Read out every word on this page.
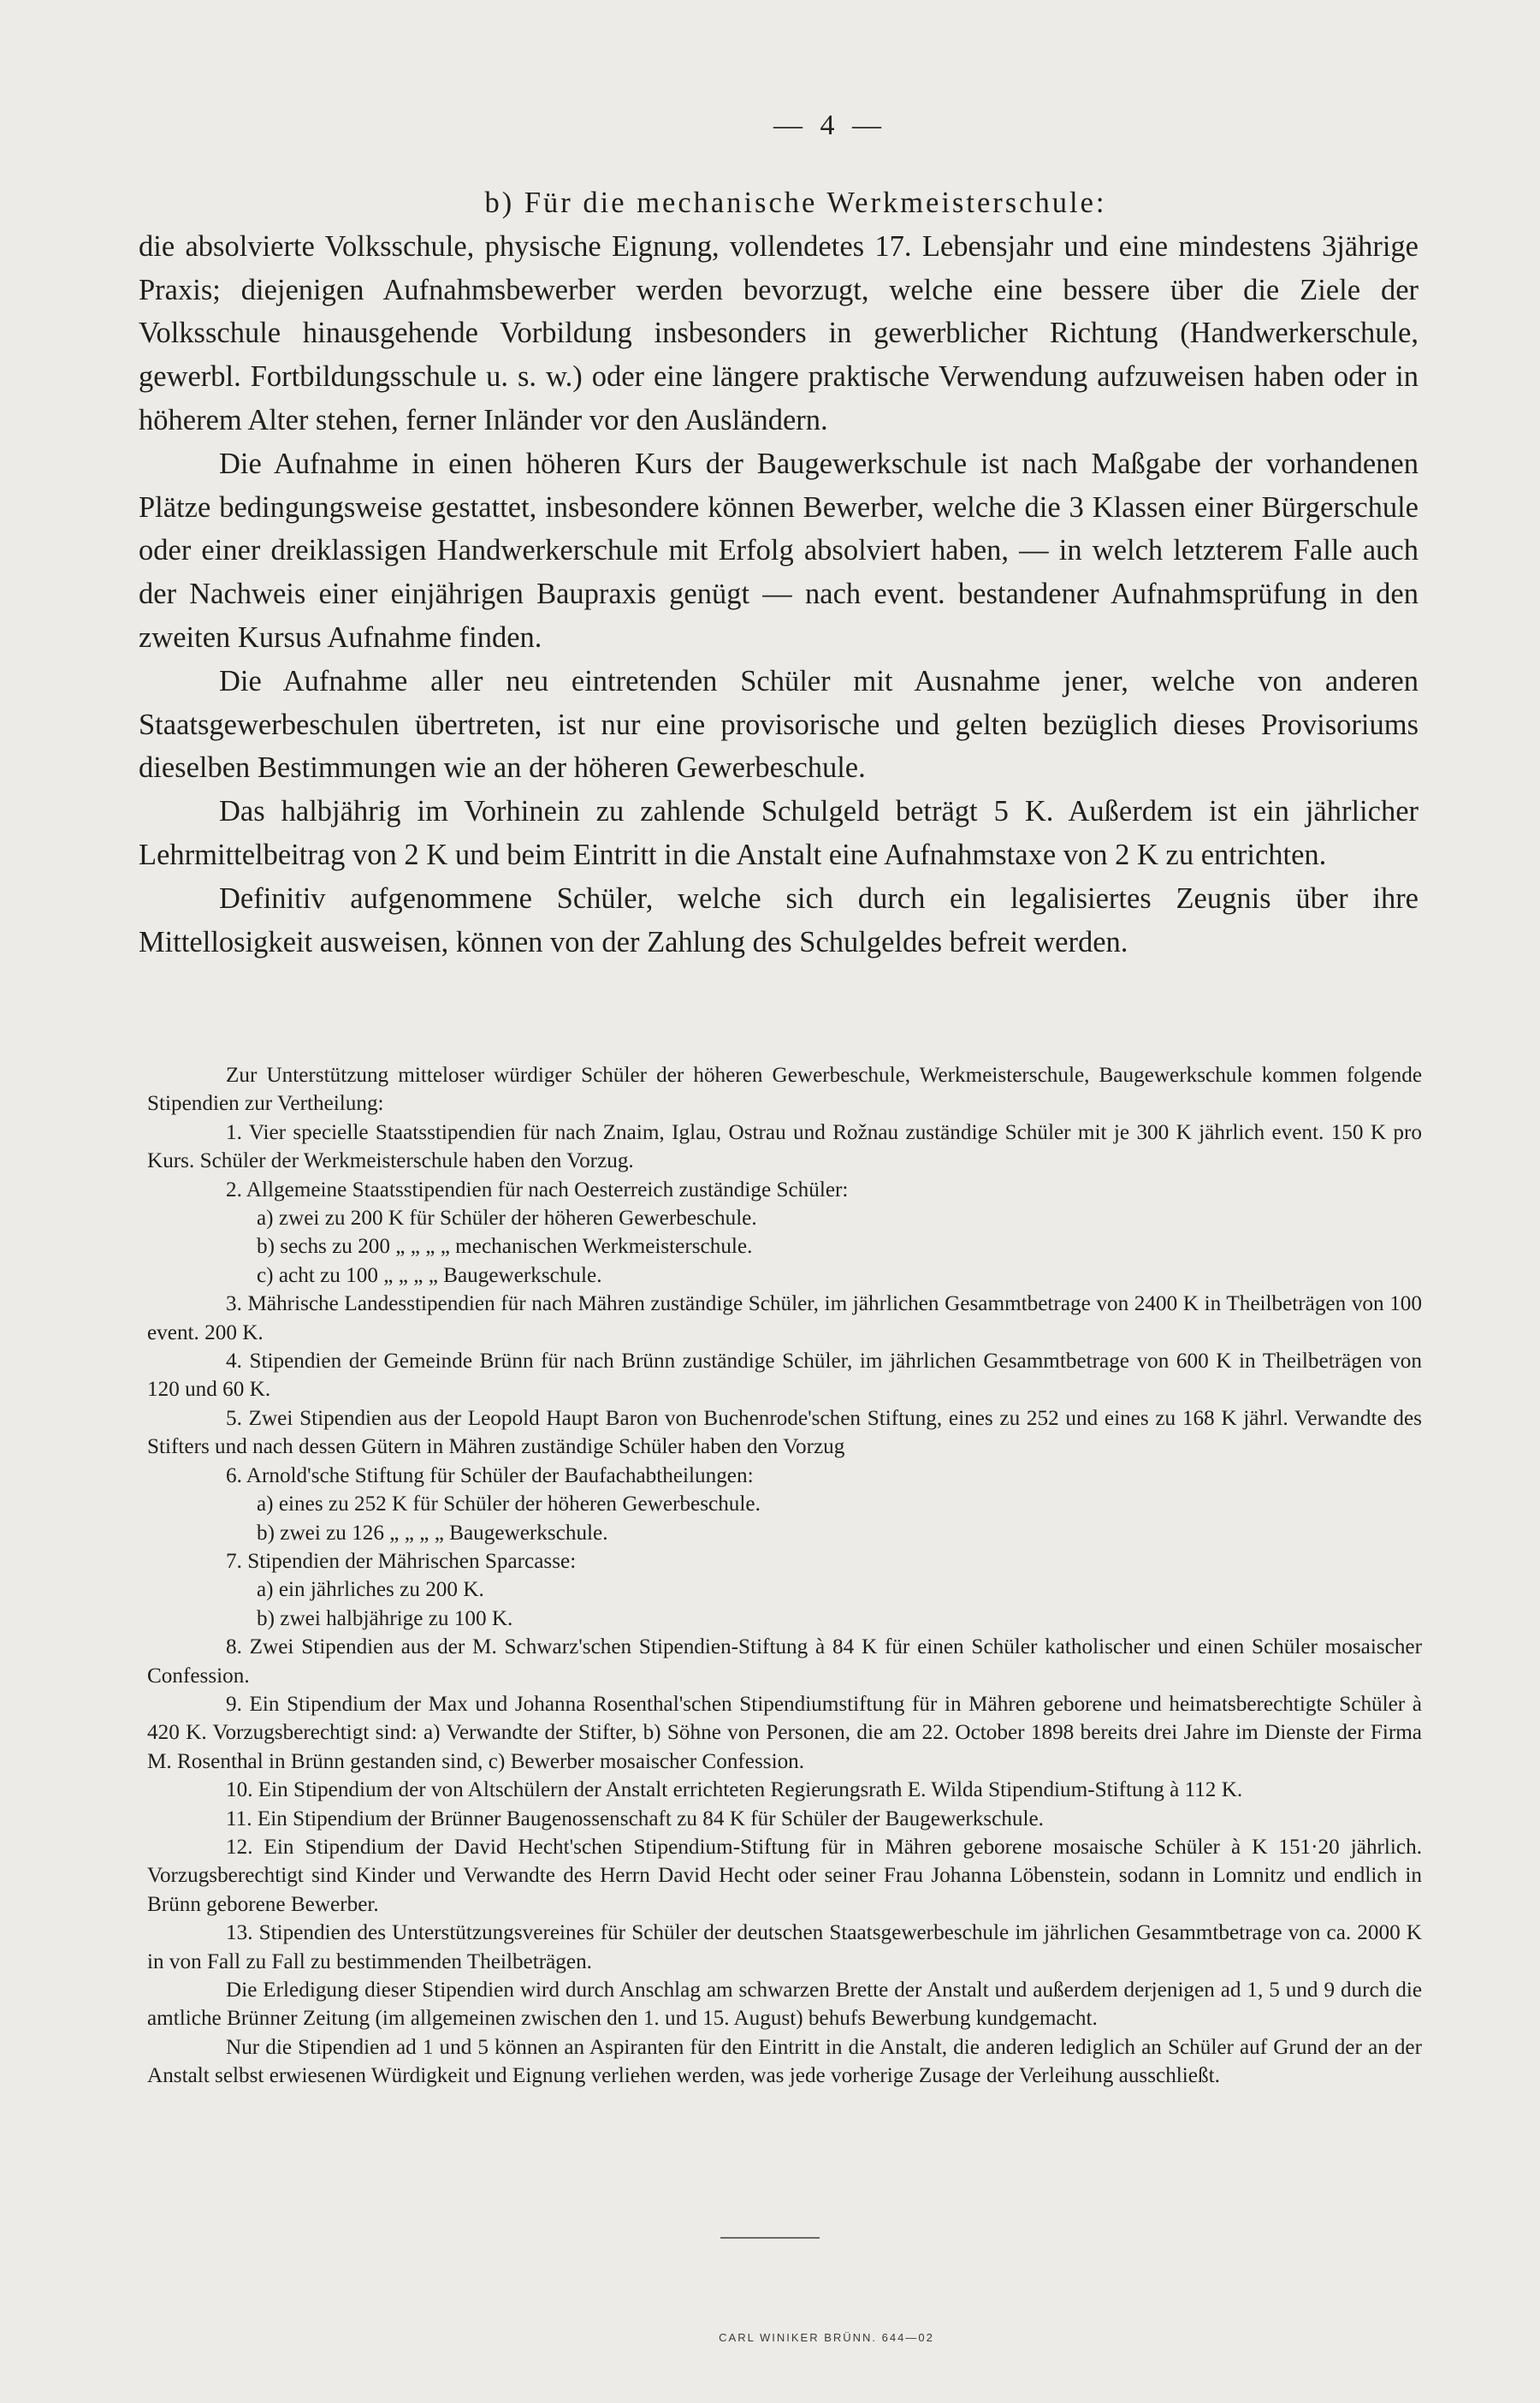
— 4 —

b) Für die mechanische Werkmeisterschule:

die absolvierte Volksschule, physische Eignung, vollendetes 17. Lebensjahr und eine mindestens 3jährige Praxis; diejenigen Aufnahmsbewerber werden bevorzugt, welche eine bessere über die Ziele der Volksschule hinausgehende Vorbildung insbesonders in gewerblicher Richtung (Handwerkerschule, gewerbl. Fortbildungsschule u. s. w.) oder eine längere praktische Verwendung aufzuweisen haben oder in höherem Alter stehen, ferner Inländer vor den Ausländern.

Die Aufnahme in einen höheren Kurs der Baugewerkschule ist nach Maßgabe der vorhandenen Plätze bedingungsweise gestattet, insbesondere können Bewerber, welche die 3 Klassen einer Bürgerschule oder einer dreiklassigen Handwerkerschule mit Erfolg absolviert haben, — in welch letzterem Falle auch der Nachweis einer einjährigen Baupraxis genügt — nach event. bestandener Aufnahmsprüfung in den zweiten Kursus Aufnahme finden.

Die Aufnahme aller neu eintretenden Schüler mit Ausnahme jener, welche von anderen Staatsgewerbeschulen übertreten, ist nur eine provisorische und gelten bezüglich dieses Provisoriums dieselben Bestimmungen wie an der höheren Gewerbeschule.

Das halbjährig im Vorhinein zu zahlende Schulgeld beträgt 5 K. Außerdem ist ein jährlicher Lehrmittelbeitrag von 2 K und beim Eintritt in die Anstalt eine Aufnahmstaxe von 2 K zu entrichten.

Definitiv aufgenommene Schüler, welche sich durch ein legalisiertes Zeugnis über ihre Mittellosigkeit ausweisen, können von der Zahlung des Schulgeldes befreit werden.

Zur Unterstützung mitteloser würdiger Schüler der höheren Gewerbeschule, Werkmeisterschule, Baugewerkschule kommen folgende Stipendien zur Vertheilung:

1. Vier specielle Staatsstipendien für nach Znaim, Iglau, Ostrau und Rožnau zuständige Schüler mit je 300 K jährlich event. 150 K pro Kurs. Schüler der Werkmeisterschule haben den Vorzug.

2. Allgemeine Staatsstipendien für nach Oesterreich zuständige Schüler:

a) zwei zu 200 K für Schüler der höheren Gewerbeschule.

b) sechs zu 200 „ „ „ „ mechanischen Werkmeisterschule.

c) acht zu 100 „ „ „ „ Baugewerkschule.

3. Mährische Landesstipendien für nach Mähren zuständige Schüler, im jährlichen Gesammtbetrage von 2400 K in Theilbeträgen von 100 event. 200 K.

4. Stipendien der Gemeinde Brünn für nach Brünn zuständige Schüler, im jährlichen Gesammtbetrage von 600 K in Theilbeträgen von 120 und 60 K.

5. Zwei Stipendien aus der Leopold Haupt Baron von Buchenrode'schen Stiftung, eines zu 252 und eines zu 168 K jährl. Verwandte des Stifters und nach dessen Gütern in Mähren zuständige Schüler haben den Vorzug

6. Arnold'sche Stiftung für Schüler der Baufachabtheilungen:

a) eines zu 252 K für Schüler der höheren Gewerbeschule.

b) zwei zu 126 „ „ „ „ Baugewerkschule.

7. Stipendien der Mährischen Sparcasse:

a) ein jährliches zu 200 K.

b) zwei halbjährige zu 100 K.

8. Zwei Stipendien aus der M. Schwarz'schen Stipendien-Stiftung à 84 K für einen Schüler katholischer und einen Schüler mosaischer Confession.

9. Ein Stipendium der Max und Johanna Rosenthal'schen Stipendiumstiftung für in Mähren geborene und heimatsberechtigte Schüler à 420 K. Vorzugsberechtigt sind: a) Verwandte der Stifter, b) Söhne von Personen, die am 22. October 1898 bereits drei Jahre im Dienste der Firma M. Rosenthal in Brünn gestanden sind, c) Bewerber mosaischer Confession.

10. Ein Stipendium der von Altschülern der Anstalt errichteten Regierungsrath E. Wilda Stipendium-Stiftung à 112 K.

11. Ein Stipendium der Brünner Baugenossenschaft zu 84 K für Schüler der Baugewerkschule.

12. Ein Stipendium der David Hecht'schen Stipendium-Stiftung für in Mähren geborene mosaische Schüler à K 151·20 jährlich. Vorzugsberechtigt sind Kinder und Verwandte des Herrn David Hecht oder seiner Frau Johanna Löbenstein, sodann in Lomnitz und endlich in Brünn geborene Bewerber.

13. Stipendien des Unterstützungsvereines für Schüler der deutschen Staatsgewerbeschule im jährlichen Gesammtbetrage von ca. 2000 K in von Fall zu Fall zu bestimmenden Theilbeträgen.

Die Erledigung dieser Stipendien wird durch Anschlag am schwarzen Brette der Anstalt und außerdem derjenigen ad 1, 5 und 9 durch die amtliche Brünner Zeitung (im allgemeinen zwischen den 1. und 15. August) behufs Bewerbung kundgemacht.

Nur die Stipendien ad 1 und 5 können an Aspiranten für den Eintritt in die Anstalt, die anderen lediglich an Schüler auf Grund der an der Anstalt selbst erwiesenen Würdigkeit und Eignung verliehen werden, was jede vorherige Zusage der Verleihung ausschließt.

CARL WINIKER BRÜNN. 644—02
